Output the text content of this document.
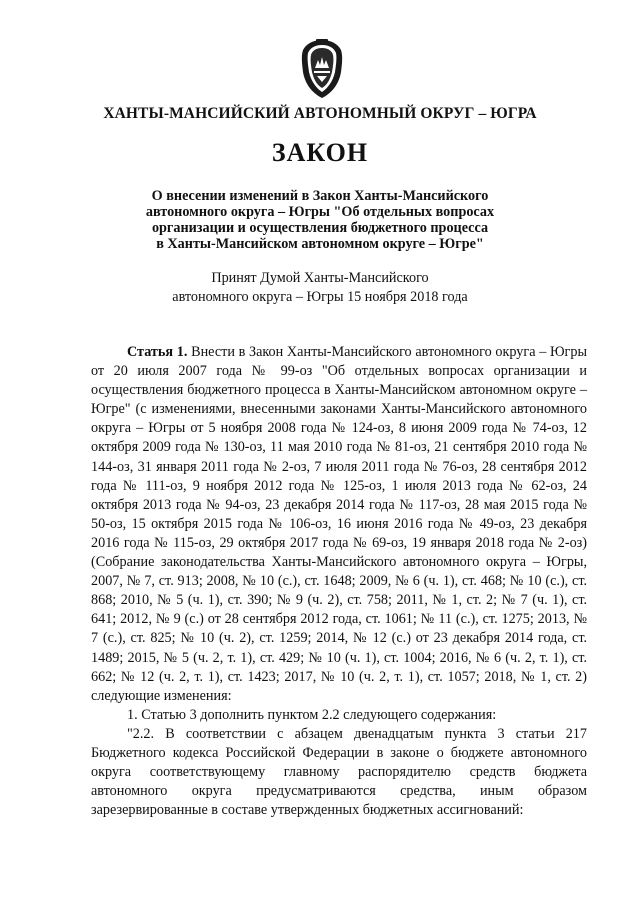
ХАНТЫ-МАНСИЙСКИЙ АВТОНОМНЫЙ ОКРУГ – ЮГРА
ЗАКОН
О внесении изменений в Закон Ханты-Мансийского
автономного округа – Югры "Об отдельных вопросах
организации и осуществления бюджетного процесса
в Ханты-Мансийском автономном округе – Югре"
Принят Думой Ханты-Мансийского
автономного округа – Югры 15 ноября 2018 года

Статья 1. Внести в Закон Ханты-Мансийского автономного округа – Югры от 20 июля 2007 года № 99-оз "Об отдельных вопросах организации и осуществления бюджетного процесса в Ханты-Мансийском автономном округе – Югре" (с изменениями, внесенными законами Ханты-Мансийского автономного округа – Югры от 5 ноября 2008 года № 124-оз, 8 июня 2009 года № 74-оз, 12 октября 2009 года № 130-оз, 11 мая 2010 года № 81-оз, 21 сентября 2010 года № 144-оз, 31 января 2011 года № 2-оз, 7 июля 2011 года № 76-оз, 28 сентября 2012 года № 111-оз, 9 ноября 2012 года № 125-оз, 1 июля 2013 года № 62-оз, 24 октября 2013 года № 94-оз, 23 декабря 2014 года № 117-оз, 28 мая 2015 года № 50-оз, 15 октября 2015 года № 106-оз, 16 июня 2016 года № 49-оз, 23 декабря 2016 года № 115-оз, 29 октября 2017 года № 69-оз, 19 января 2018 года № 2-оз) (Собрание законодательства Ханты-Мансийского автономного округа – Югры, 2007, № 7, ст. 913; 2008, № 10 (с.), ст. 1648; 2009, № 6 (ч. 1), ст. 468; № 10 (с.), ст. 868; 2010, № 5 (ч. 1), ст. 390; № 9 (ч. 2), ст. 758; 2011, № 1, ст. 2; № 7 (ч. 1), ст. 641; 2012, № 9 (с.) от 28 сентября 2012 года, ст. 1061; № 11 (с.), ст. 1275; 2013, № 7 (с.), ст. 825; № 10 (ч. 2), ст. 1259; 2014, № 12 (с.) от 23 декабря 2014 года, ст. 1489; 2015, № 5 (ч. 2, т. 1), ст. 429; № 10 (ч. 1), ст. 1004; 2016, № 6 (ч. 2, т. 1), ст. 662; № 12 (ч. 2, т. 1), ст. 1423; 2017, № 10 (ч. 2, т. 1), ст. 1057; 2018, № 1, ст. 2) следующие изменения:

1. Статью 3 дополнить пунктом 2.2 следующего содержания:

"2.2. В соответствии с абзацем двенадцатым пункта 3 статьи 217 Бюджетного кодекса Российской Федерации в законе о бюджете автономного округа соответствующему главному распорядителю средств бюджета автономного округа предусматриваются средства, иным образом зарезервированные в составе утвержденных бюджетных ассигнований:
